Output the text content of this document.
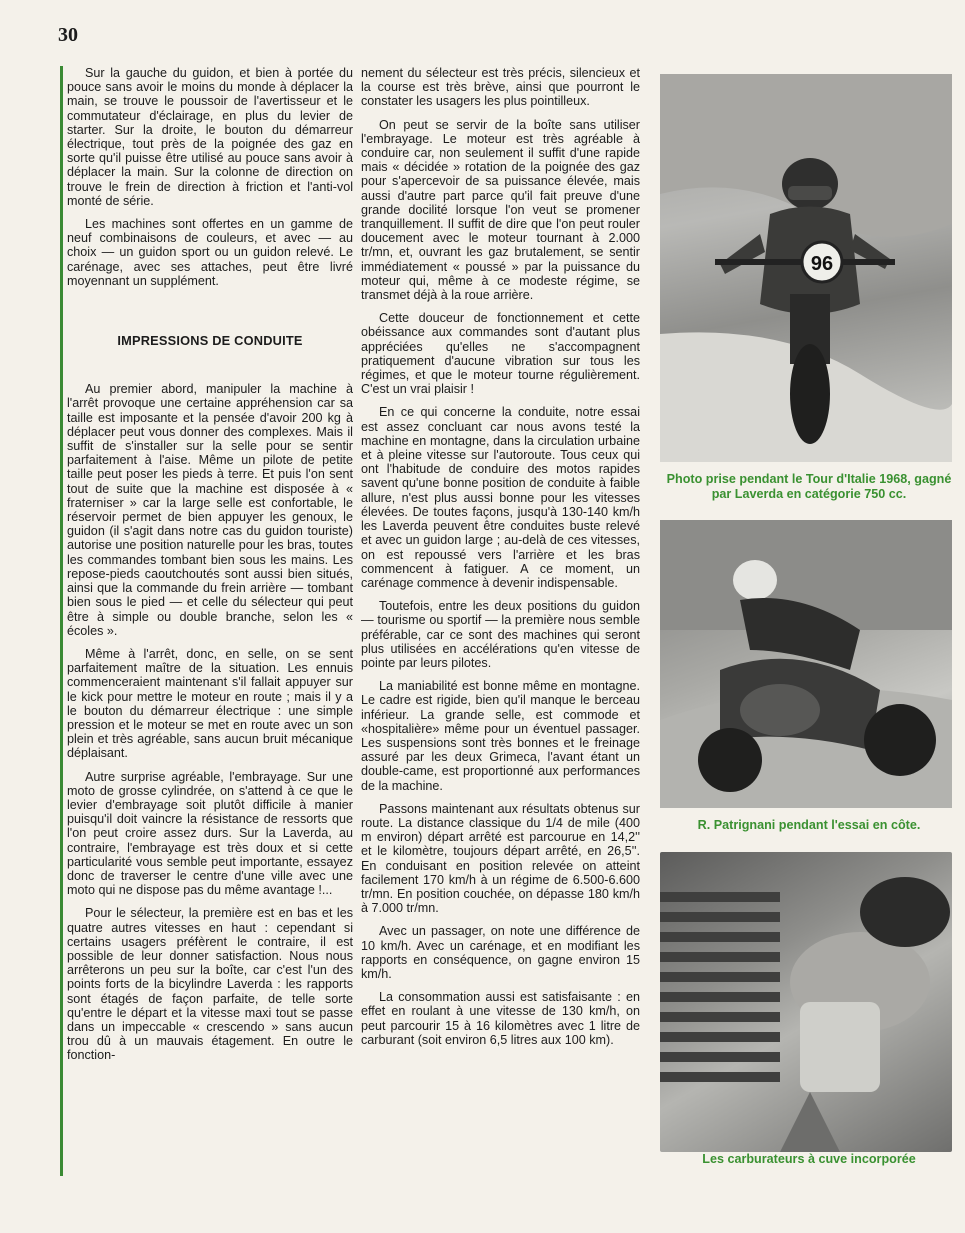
30

Sur la gauche du guidon, et bien à portée du pouce sans avoir le moins du monde à déplacer la main, se trouve le poussoir de l'avertisseur et le commutateur d'éclairage, en plus du levier de starter. Sur la droite, le bouton du démarreur électrique, tout près de la poignée des gaz en sorte qu'il puisse être utilisé au pouce sans avoir à déplacer la main. Sur la colonne de direction on trouve le frein de direction à friction et l'anti-vol monté de série.

Les machines sont offertes en un gamme de neuf combinaisons de couleurs, et avec — au choix — un guidon sport ou un guidon relevé. Le carénage, avec ses attaches, peut être livré moyennant un supplément.

IMPRESSIONS DE CONDUITE

Au premier abord, manipuler la machine à l'arrêt provoque une certaine appréhension car sa taille est imposante et la pensée d'avoir 200 kg à déplacer peut vous donner des complexes. Mais il suffit de s'installer sur la selle pour se sentir parfaitement à l'aise. Même un pilote de petite taille peut poser les pieds à terre. Et puis l'on sent tout de suite que la machine est disposée à « fraterniser » car la large selle est confortable, le réservoir permet de bien appuyer les genoux, le guidon (il s'agit dans notre cas du guidon touriste) autorise une position naturelle pour les bras, toutes les commandes tombant bien sous les mains. Les repose-pieds caoutchoutés sont aussi bien situés, ainsi que la commande du frein arrière — tombant bien sous le pied — et celle du sélecteur qui peut être à simple ou double branche, selon les « écoles ».

Même à l'arrêt, donc, en selle, on se sent parfaitement maître de la situation. Les ennuis commenceraient maintenant s'il fallait appuyer sur le kick pour mettre le moteur en route ; mais il y a le bouton du démarreur électrique : une simple pression et le moteur se met en route avec un son plein et très agréable, sans aucun bruit mécanique déplaisant.

Autre surprise agréable, l'embrayage. Sur une moto de grosse cylindrée, on s'attend à ce que le levier d'embrayage soit plutôt difficile à manier puisqu'il doit vaincre la résistance de ressorts que l'on peut croire assez durs. Sur la Laverda, au contraire, l'embrayage est très doux et si cette particularité vous semble peut importante, essayez donc de traverser le centre d'une ville avec une moto qui ne dispose pas du même avantage !...

Pour le sélecteur, la première est en bas et les quatre autres vitesses en haut : cependant si certains usagers préfèrent le contraire, il est possible de leur donner satisfaction. Nous nous arrêterons un peu sur la boîte, car c'est l'un des points forts de la bicylindre Laverda : les rapports sont étagés de façon parfaite, de telle sorte qu'entre le départ et la vitesse maxi tout se passe dans un impeccable « crescendo » sans aucun trou dû à un mauvais étagement. En outre le fonction-

nement du sélecteur est très précis, silencieux et la course est très brève, ainsi que pourront le constater les usagers les plus pointilleux.

On peut se servir de la boîte sans utiliser l'embrayage. Le moteur est très agréable à conduire car, non seulement il suffit d'une rapide mais « décidée » rotation de la poignée des gaz pour s'apercevoir de sa puissance élevée, mais aussi d'autre part parce qu'il fait preuve d'une grande docilité lorsque l'on veut se promener tranquillement. Il suffit de dire que l'on peut rouler doucement avec le moteur tournant à 2.000 tr/mn, et, ouvrant les gaz brutalement, se sentir immédiatement « poussé » par la puissance du moteur qui, même à ce modeste régime, se transmet déjà à la roue arrière.

Cette douceur de fonctionnement et cette obéissance aux commandes sont d'autant plus appréciées qu'elles ne s'accompagnent pratiquement d'aucune vibration sur tous les régimes, et que le moteur tourne régulièrement. C'est un vrai plaisir !

En ce qui concerne la conduite, notre essai est assez concluant car nous avons testé la machine en montagne, dans la circulation urbaine et à pleine vitesse sur l'autoroute. Tous ceux qui ont l'habitude de conduire des motos rapides savent qu'une bonne position de conduite à faible allure, n'est plus aussi bonne pour les vitesses élevées. De toutes façons, jusqu'à 130-140 km/h les Laverda peuvent être conduites buste relevé et avec un guidon large ; au-delà de ces vitesses, on est repoussé vers l'arrière et les bras commencent à fatiguer. A ce moment, un carénage commence à devenir indispensable.

Toutefois, entre les deux positions du guidon — tourisme ou sportif — la première nous semble préférable, car ce sont des machines qui seront plus utilisées en accélérations qu'en vitesse de pointe par leurs pilotes.

La maniabilité est bonne même en montagne. Le cadre est rigide, bien qu'il manque le berceau inférieur. La grande selle, est commode et «hospitalière» même pour un éventuel passager. Les suspensions sont très bonnes et le freinage assuré par les deux Grimeca, l'avant étant un double-came, est proportionné aux performances de la machine.

Passons maintenant aux résultats obtenus sur route. La distance classique du 1/4 de mile (400 m environ) départ arrêté est parcourue en 14,2'' et le kilomètre, toujours départ arrêté, en 26,5''. En conduisant en position relevée on atteint facilement 170 km/h à un régime de 6.500-6.600 tr/mn. En position couchée, on dépasse 180 km/h à 7.000 tr/mn.

Avec un passager, on note une différence de 10 km/h. Avec un carénage, et en modifiant les rapports en conséquence, on gagne environ 15 km/h.

La consommation aussi est satisfaisante : en effet en roulant à une vitesse de 130 km/h, on peut parcourir 15 à 16 kilomètres avec 1 litre de carburant (soit environ 6,5 litres aux 100 km).

96
Photo prise pendant le Tour d'Italie 1968, gagné par Laverda en catégorie 750 cc.
R. Patrignani pendant l'essai en côte.
Les carburateurs à cuve incorporée
